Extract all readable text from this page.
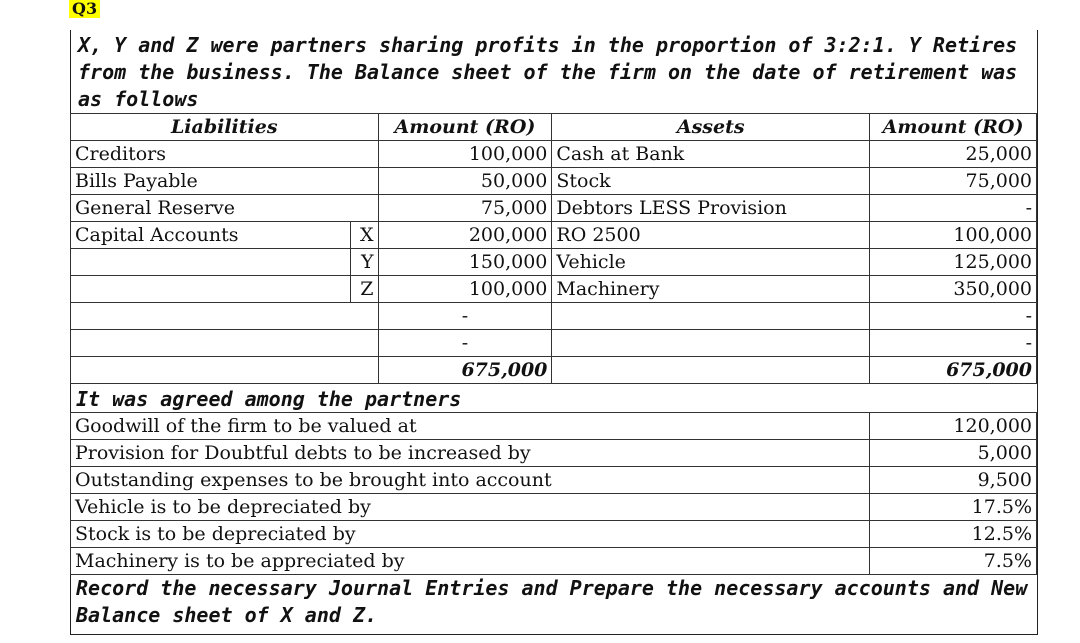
Q3
X, Y and Z were partners sharing profits in the proportion of 3:2:1. Y Retires from the business. The Balance sheet of the firm on the date of retirement was as follows
Liabilities		Amount (RO)	Assets	Amount (RO)
Creditors		100,000	Cash at Bank	25,000
Bills Payable		50,000	Stock	75,000
General Reserve		75,000	Debtors LESS Provision	-
Capital Accounts	X	200,000	RO 2500	100,000
	Y	150,000	Vehicle	125,000
	Z	100,000	Machinery	350,000
		-		-
		-		-
		675,000		675,000
It was agreed among the partners
Goodwill of the firm to be valued at	120,000
Provision for Doubtful debts to be increased by	5,000
Outstanding expenses to be brought into account	9,500
Vehicle is to be depreciated by	17.5%
Stock is to be depreciated by	12.5%
Machinery is to be appreciated by	7.5%
Record the necessary Journal Entries and Prepare the necessary accounts and New Balance sheet of X and Z.
